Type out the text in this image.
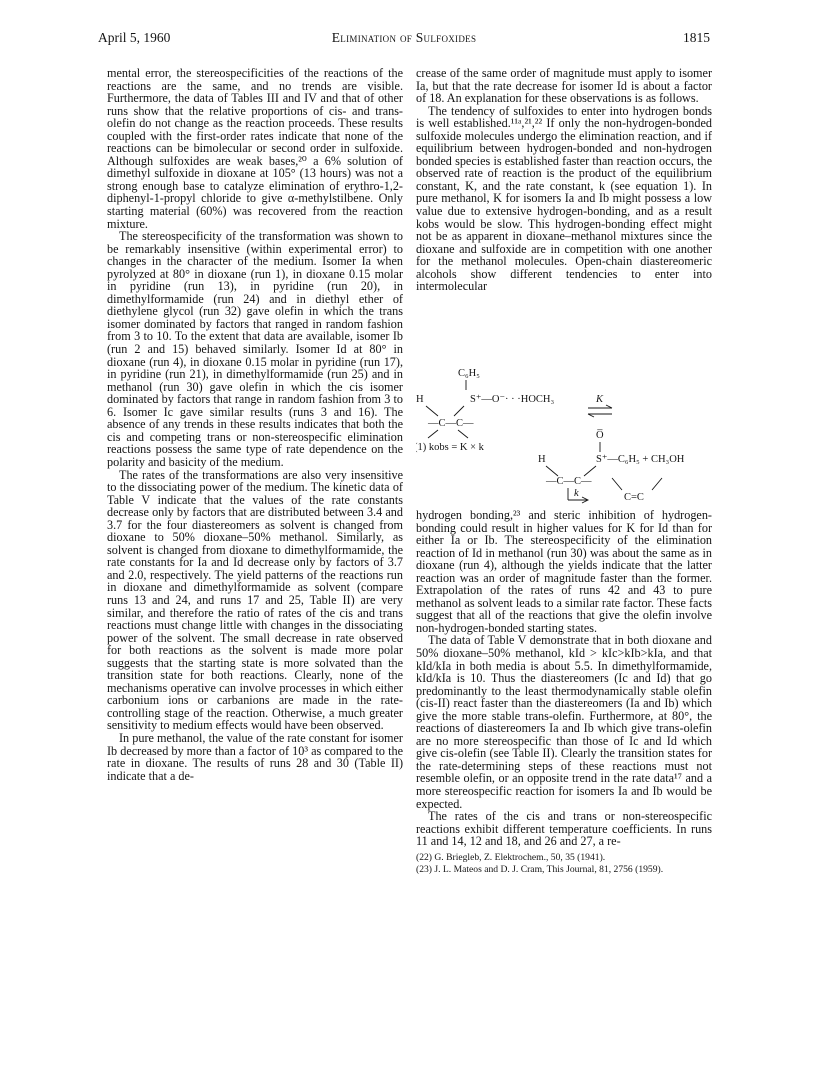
April 5, 1960	Elimination of Sulfoxides	1815

mental error, the stereospecificities of the reactions of the reactions are the same, and no trends are visible. Furthermore, the data of Tables III and IV and that of other runs show that the relative proportions of cis- and trans-olefin do not change as the reaction proceeds. These results coupled with the first-order rates indicate that none of the reactions can be bimolecular or second order in sulfoxide. Although sulfoxides are weak bases,²⁰ a 6% solution of dimethyl sulfoxide in dioxane at 105° (13 hours) was not a strong enough base to catalyze elimination of erythro-1,2-diphenyl-1-propyl chloride to give α-methylstilbene. Only starting material (60%) was recovered from the reaction mixture.

The stereospecificity of the transformation was shown to be remarkably insensitive (within experimental error) to changes in the character of the medium. Isomer Ia when pyrolyzed at 80° in dioxane (run 1), in dioxane 0.15 molar in pyridine (run 13), in pyridine (run 20), in dimethylformamide (run 24) and in diethyl ether of diethylene glycol (run 32) gave olefin in which the trans isomer dominated by factors that ranged in random fashion from 3 to 10. To the extent that data are available, isomer Ib (run 2 and 15) behaved similarly. Isomer Id at 80° in dioxane (run 4), in dioxane 0.15 molar in pyridine (run 17), in pyridine (run 21), in dimethylformamide (run 25) and in methanol (run 30) gave olefin in which the cis isomer dominated by factors that range in random fashion from 3 to 6. Isomer Ic gave similar results (runs 3 and 16). The absence of any trends in these results indicates that both the cis and competing trans or non-stereospecific elimination reactions possess the same type of rate dependence on the polarity and basicity of the medium.

The rates of the transformations are also very insensitive to the dissociating power of the medium. The kinetic data of Table V indicate that the values of the rate constants decrease only by factors that are distributed between 3.4 and 3.7 for the four diastereomers as solvent is changed from dioxane to 50% dioxane–50% methanol. Similarly, as solvent is changed from dioxane to dimethylformamide, the rate constants for Ia and Id decrease only by factors of 3.7 and 2.0, respectively. The yield patterns of the reactions run in dioxane and dimethylformamide as solvent (compare runs 13 and 24, and runs 17 and 25, Table II) are very similar, and therefore the ratio of rates of the cis and trans reactions must change little with changes in the dissociating power of the solvent. The small decrease in rate observed for both reactions as the solvent is made more polar suggests that the starting state is more solvated than the transition state for both reactions. Clearly, none of the mechanisms operative can involve processes in which either carbonium ions or carbanions are made in the rate-controlling stage of the reaction. Otherwise, a much greater sensitivity to medium effects would have been observed.

In pure methanol, the value of the rate constant for isomer Ib decreased by more than a factor of 10³ as compared to the rate in dioxane. The results of runs 28 and 30 (Table II) indicate that a de-

crease of the same order of magnitude must apply to isomer Ia, but that the rate decrease for isomer Id is about a factor of 18. An explanation for these observations is as follows.

The tendency of sulfoxides to enter into hydrogen bonds is well established.¹¹ᵃ,²¹,²² If only the non-hydrogen-bonded sulfoxide molecules undergo the elimination reaction, and if equilibrium between hydrogen-bonded and non-hydrogen bonded species is established faster than reaction occurs, the observed rate of reaction is the product of the equilibrium constant, K, and the rate constant, k (see equation 1). In pure methanol, K for isomers Ia and Ib might possess a low value due to extensive hydrogen-bonding, and as a result kobs would be slow. This hydrogen-bonding effect might not be as apparent in dioxane–methanol mixtures since the dioxane and sulfoxide are in competition with one another for the methanol molecules. Open-chain diastereomeric alcohols show different tendencies to enter into intermolecular

C₆H₅
H	S⁺—O⁻· · ·HOCH₃	K
—C—C—
(1) kobs = K × k
O̅
H	S⁺—C₆H₅ + CH₃OH
—C—C—
k	C=C

hydrogen bonding,²³ and steric inhibition of hydrogen-bonding could result in higher values for K for Id than for either Ia or Ib. The stereospecificity of the elimination reaction of Id in methanol (run 30) was about the same as in dioxane (run 4), although the yields indicate that the latter reaction was an order of magnitude faster than the former. Extrapolation of the rates of runs 42 and 43 to pure methanol as solvent leads to a similar rate factor. These facts suggest that all of the reactions that give the olefin involve non-hydrogen-bonded starting states.

The data of Table V demonstrate that in both dioxane and 50% dioxane–50% methanol, kId > kIc>kIb>kIa, and that kId/kIa in both media is about 5.5. In dimethylformamide, kId/kIa is 10. Thus the diastereomers (Ic and Id) that go predominantly to the least thermodynamically stable olefin (cis-II) react faster than the diastereomers (Ia and Ib) which give the more stable trans-olefin. Furthermore, at 80°, the reactions of diastereomers Ia and Ib which give trans-olefin are no more stereospecific than those of Ic and Id which give cis-olefin (see Table II). Clearly the transition states for the rate-determining steps of these reactions must not resemble olefin, or an opposite trend in the rate data¹⁷ and a more stereospecific reaction for isomers Ia and Ib would be expected.

The rates of the cis and trans or non-stereospecific reactions exhibit different temperature coefficients. In runs 11 and 14, 12 and 18, and 26 and 27, a re-

(22) G. Briegleb, Z. Elektrochem., 50, 35 (1941).
(23) J. L. Mateos and D. J. Cram, This Journal, 81, 2756 (1959).
